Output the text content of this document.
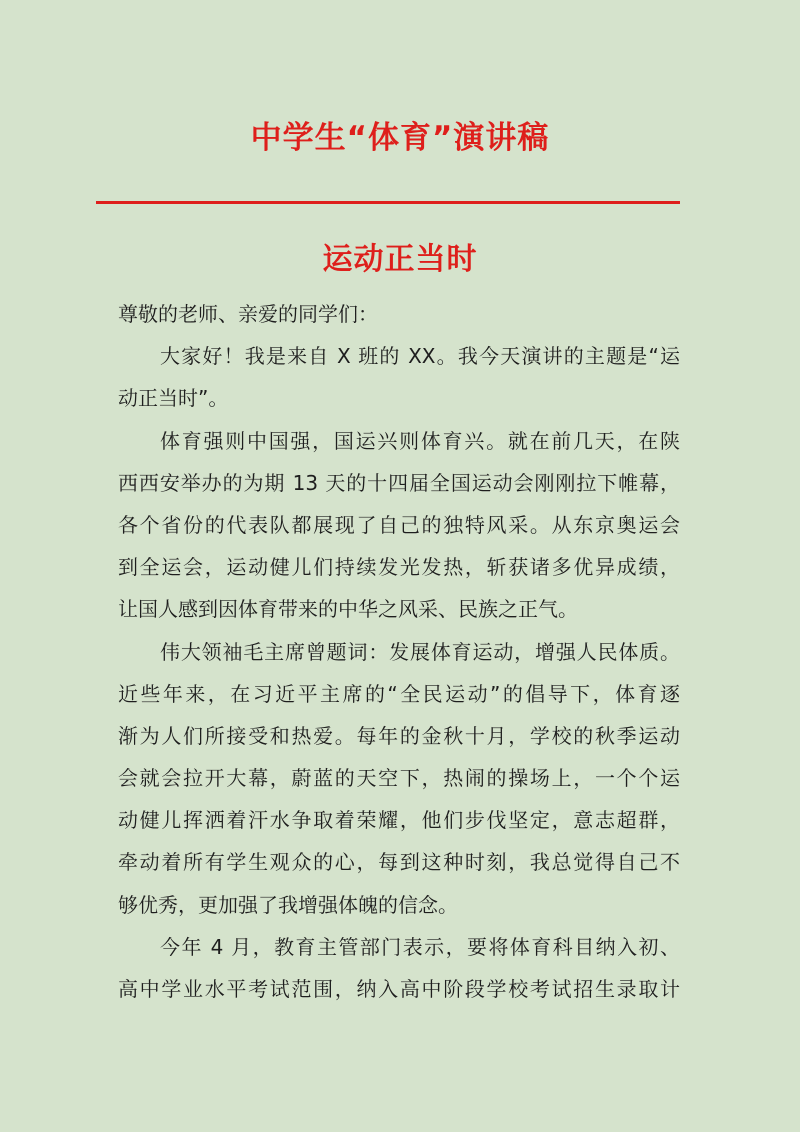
中学生“体育”演讲稿
运动正当时
尊敬的老师、亲爱的同学们：
大家好！我是来自 X 班的 XX。我今天演讲的主题是“运
动正当时”。
体育强则中国强，国运兴则体育兴。就在前几天，在陕
西西安举办的为期 13 天的十四届全国运动会刚刚拉下帷幕，
各个省份的代表队都展现了自己的独特风采。从东京奥运会
到全运会，运动健儿们持续发光发热，斩获诸多优异成绩，
让国人感到因体育带来的中华之风采、民族之正气。
伟大领袖毛主席曾题词：发展体育运动，增强人民体质。
近些年来，在习近平主席的“全民运动”的倡导下，体育逐
渐为人们所接受和热爱。每年的金秋十月，学校的秋季运动
会就会拉开大幕，蔚蓝的天空下，热闹的操场上，一个个运
动健儿挥洒着汗水争取着荣耀，他们步伐坚定，意志超群，
牵动着所有学生观众的心，每到这种时刻，我总觉得自己不
够优秀，更加强了我增强体魄的信念。
今年 4 月，教育主管部门表示，要将体育科目纳入初、
高中学业水平考试范围，纳入高中阶段学校考试招生录取计
